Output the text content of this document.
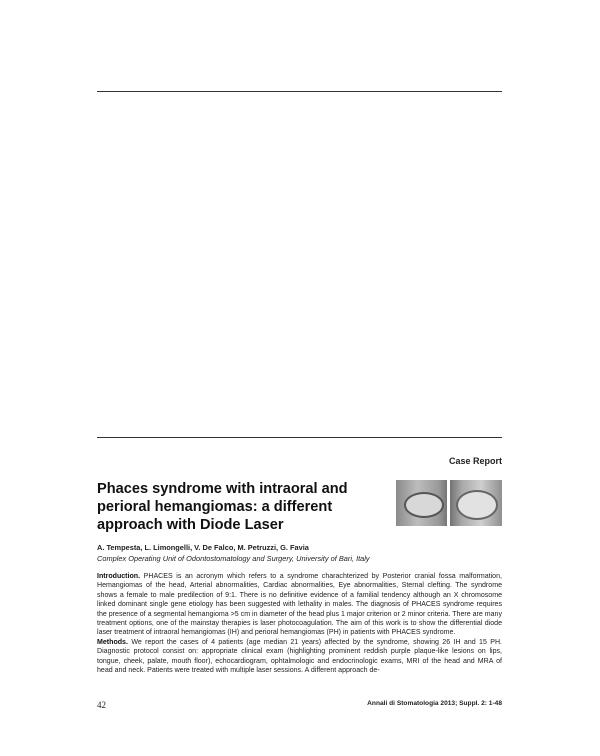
Case Report
Phaces syndrome with intraoral and perioral hemangiomas: a different approach with Diode Laser
A. Tempesta, L. Limongelli, V. De Falco, M. Petruzzi, G. Favia
Complex Operating Unit of Odontostomatology and Surgery, University of Bari, Italy

Introduction. PHACES is an acronym which refers to a syndrome charachterized by Posterior cranial fossa malformation, Hemangiomas of the head, Arterial abnormalities, Cardiac abnormalities, Eye abnormalities, Sternal clefting. The syndrome shows a female to male predilection of 9:1. There is no definitive evidence of a familial tendency although an X chromosome linked dominant single gene etiology has been suggested with lethality in males. The diagnosis of PHACES syndrome requires the presence of a segmental hemangioma >5 cm in diameter of the head plus 1 major criterion or 2 minor criteria. There are many treatment options, one of the mainstay therapies is laser photocoagulation. The aim of this work is to show the differential diode laser treatment of intraoral hemangiomas (IH) and perioral hemangiomas (PH) in patients with PHACES syndrome.

Methods. We report the cases of 4 patients (age median 21 years) affected by the syndrome, showing 26 IH and 15 PH. Diagnostic protocol consist on: appropriate clinical exam (highlighting prominent reddish purple plaque-like lesions on lips, tongue, cheek, palate, mouth floor), echocardiogram, ophtalmologic and endocrinologic exams, MRI of the head and MRA of head and neck. Patients were treated with multiple laser sessions. A different approach de-

42	Annali di Stomatologia 2013; Suppl. 2: 1-48
